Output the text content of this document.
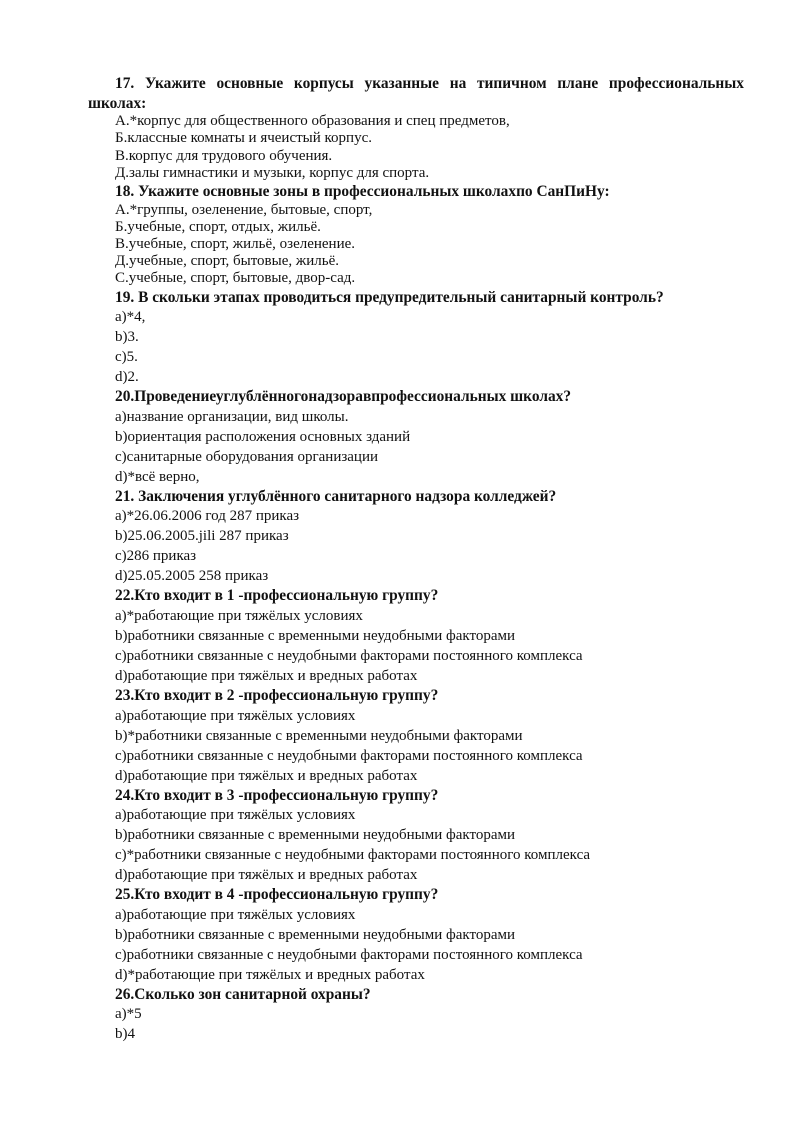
17. Укажите основные корпусы указанные на типичном плане профессиональных школах:

А.*корпус для общественного образования и спец предметов,
Б.классные комнаты и ячеистый корпус.
В.корпус для трудового обучения.
Д.залы гимнастики и музыки, корпус для спорта.

18. Укажите основные зоны в профессиональных школахпо СанПиНу:

А.*группы, озеленение, бытовые, спорт,
Б.учебные, спорт, отдых, жильё.
В.учебные, спорт, жильё, озеленение.
Д.учебные, спорт, бытовые, жильё.
С.учебные, спорт, бытовые, двор-сад.

19. В скольки этапах проводиться предупредительный санитарный контроль?

a)*4,
b)3.
c)5.
d)2.

20.Проведениеуглублённогонадзоравпрофессиональных школах?

a)название организации, вид школы.
b)ориентация расположения основных зданий
c)санитарные оборудования организации
d)*всё верно,

21. Заключения углублённого санитарного надзора колледжей?

a)*26.06.2006 год 287 приказ
b)25.06.2005.jili 287 приказ
c)286 приказ
d)25.05.2005 258 приказ

22.Кто входит в 1 -профессиональную группу?

a)*работающие при тяжёлых условиях
b)работники связанные с временными неудобными факторами
c)работники связанные с неудобными факторами постоянного комплекса
d)работающие при тяжёлых и вредных работах

23.Кто входит в 2 -профессиональную группу?

a)работающие при тяжёлых условиях
b)*работники связанные с временными неудобными факторами
c)работники связанные с неудобными факторами постоянного комплекса
d)работающие при тяжёлых и вредных работах

24.Кто входит в 3 -профессиональную группу?

a)работающие при тяжёлых условиях
b)работники связанные с временными неудобными факторами
c)*работники связанные с неудобными факторами постоянного комплекса
d)работающие при тяжёлых и вредных работах

25.Кто входит в 4 -профессиональную группу?

a)работающие при тяжёлых условиях
b)работники связанные с временными неудобными факторами
c)работники связанные с неудобными факторами постоянного комплекса
d)*работающие при тяжёлых и вредных работах

26.Сколько зон санитарной охраны?

a)*5
b)4
